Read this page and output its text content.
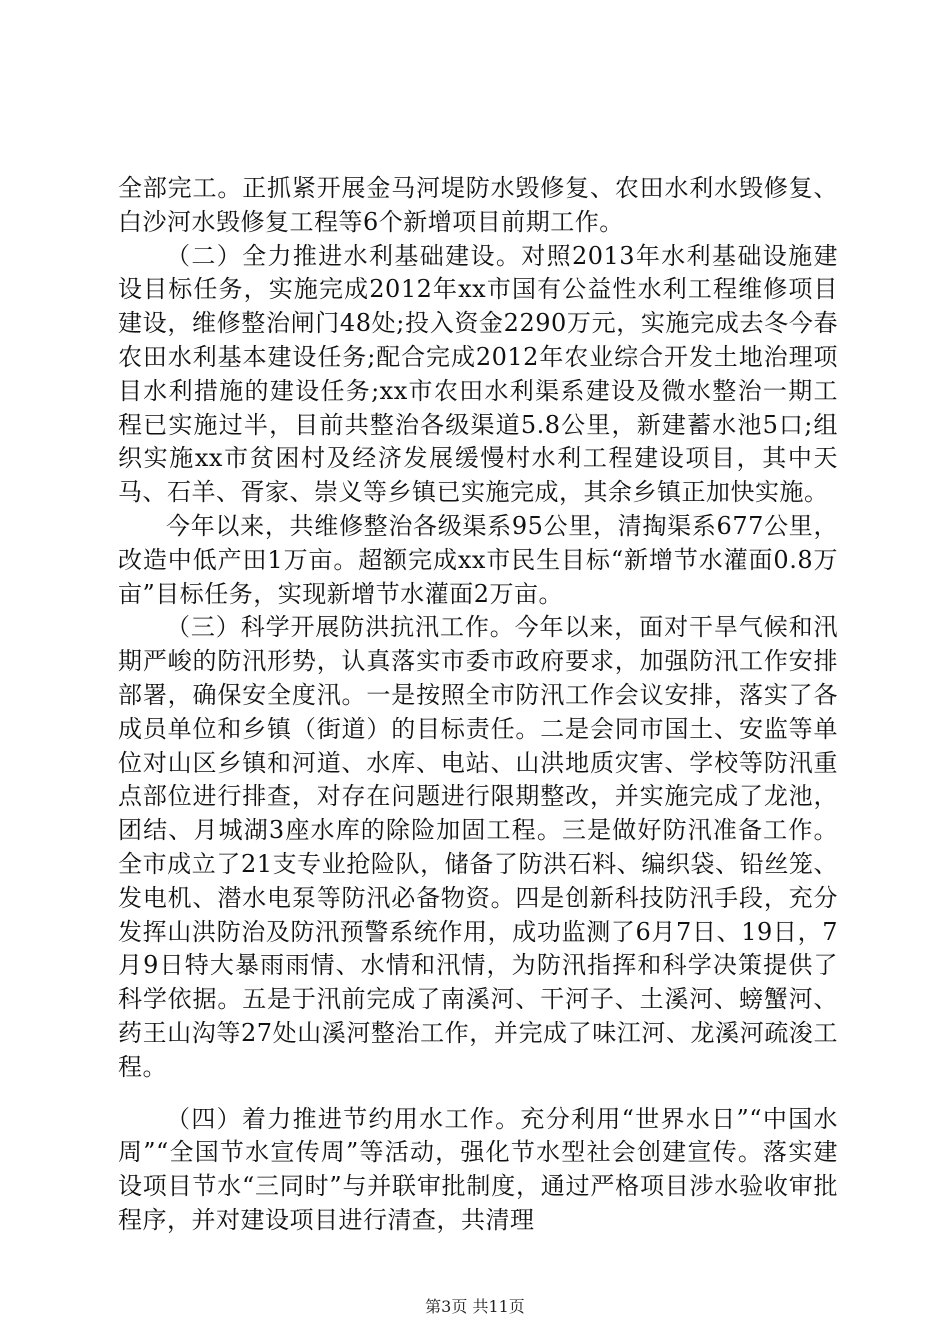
全部完工。正抓紧开展金马河堤防水毁修复、农田水利水毁修复、白沙河水毁修复工程等6个新增项目前期工作。

（二）全力推进水利基础建设。对照2013年水利基础设施建设目标任务，实施完成2012年xx市国有公益性水利工程维修项目建设，维修整治闸门48处;投入资金2290万元，实施完成去冬今春农田水利基本建设任务;配合完成2012年农业综合开发土地治理项目水利措施的建设任务;xx市农田水利渠系建设及微水整治一期工程已实施过半，目前共整治各级渠道5.8公里，新建蓄水池5口;组织实施xx市贫困村及经济发展缓慢村水利工程建设项目，其中天马、石羊、胥家、崇义等乡镇已实施完成，其余乡镇正加快实施。

今年以来，共维修整治各级渠系95公里，清掏渠系677公里，改造中低产田1万亩。超额完成xx市民生目标“新增节水灌面0.8万亩”目标任务，实现新增节水灌面2万亩。

（三）科学开展防洪抗汛工作。今年以来，面对干旱气候和汛期严峻的防汛形势，认真落实市委市政府要求，加强防汛工作安排部署，确保安全度汛。一是按照全市防汛工作会议安排，落实了各成员单位和乡镇（街道）的目标责任。二是会同市国土、安监等单位对山区乡镇和河道、水库、电站、山洪地质灾害、学校等防汛重点部位进行排查，对存在问题进行限期整改，并实施完成了龙池，团结、月城湖3座水库的除险加固工程。三是做好防汛准备工作。全市成立了21支专业抢险队，储备了防洪石料、编织袋、铅丝笼、发电机、潜水电泵等防汛必备物资。四是创新科技防汛手段，充分发挥山洪防治及防汛预警系统作用，成功监测了6月7日、19日，7月9日特大暴雨雨情、水情和汛情，为防汛指挥和科学决策提供了科学依据。五是于汛前完成了南溪河、干河子、土溪河、螃蟹河、药王山沟等27处山溪河整治工作，并完成了味江河、龙溪河疏浚工程。

（四）着力推进节约用水工作。充分利用“世界水日”“中国水周”“全国节水宣传周”等活动，强化节水型社会创建宣传。落实建设项目节水“三同时”与并联审批制度，通过严格项目涉水验收审批程序，并对建设项目进行清查，共清理

第3页 共11页
